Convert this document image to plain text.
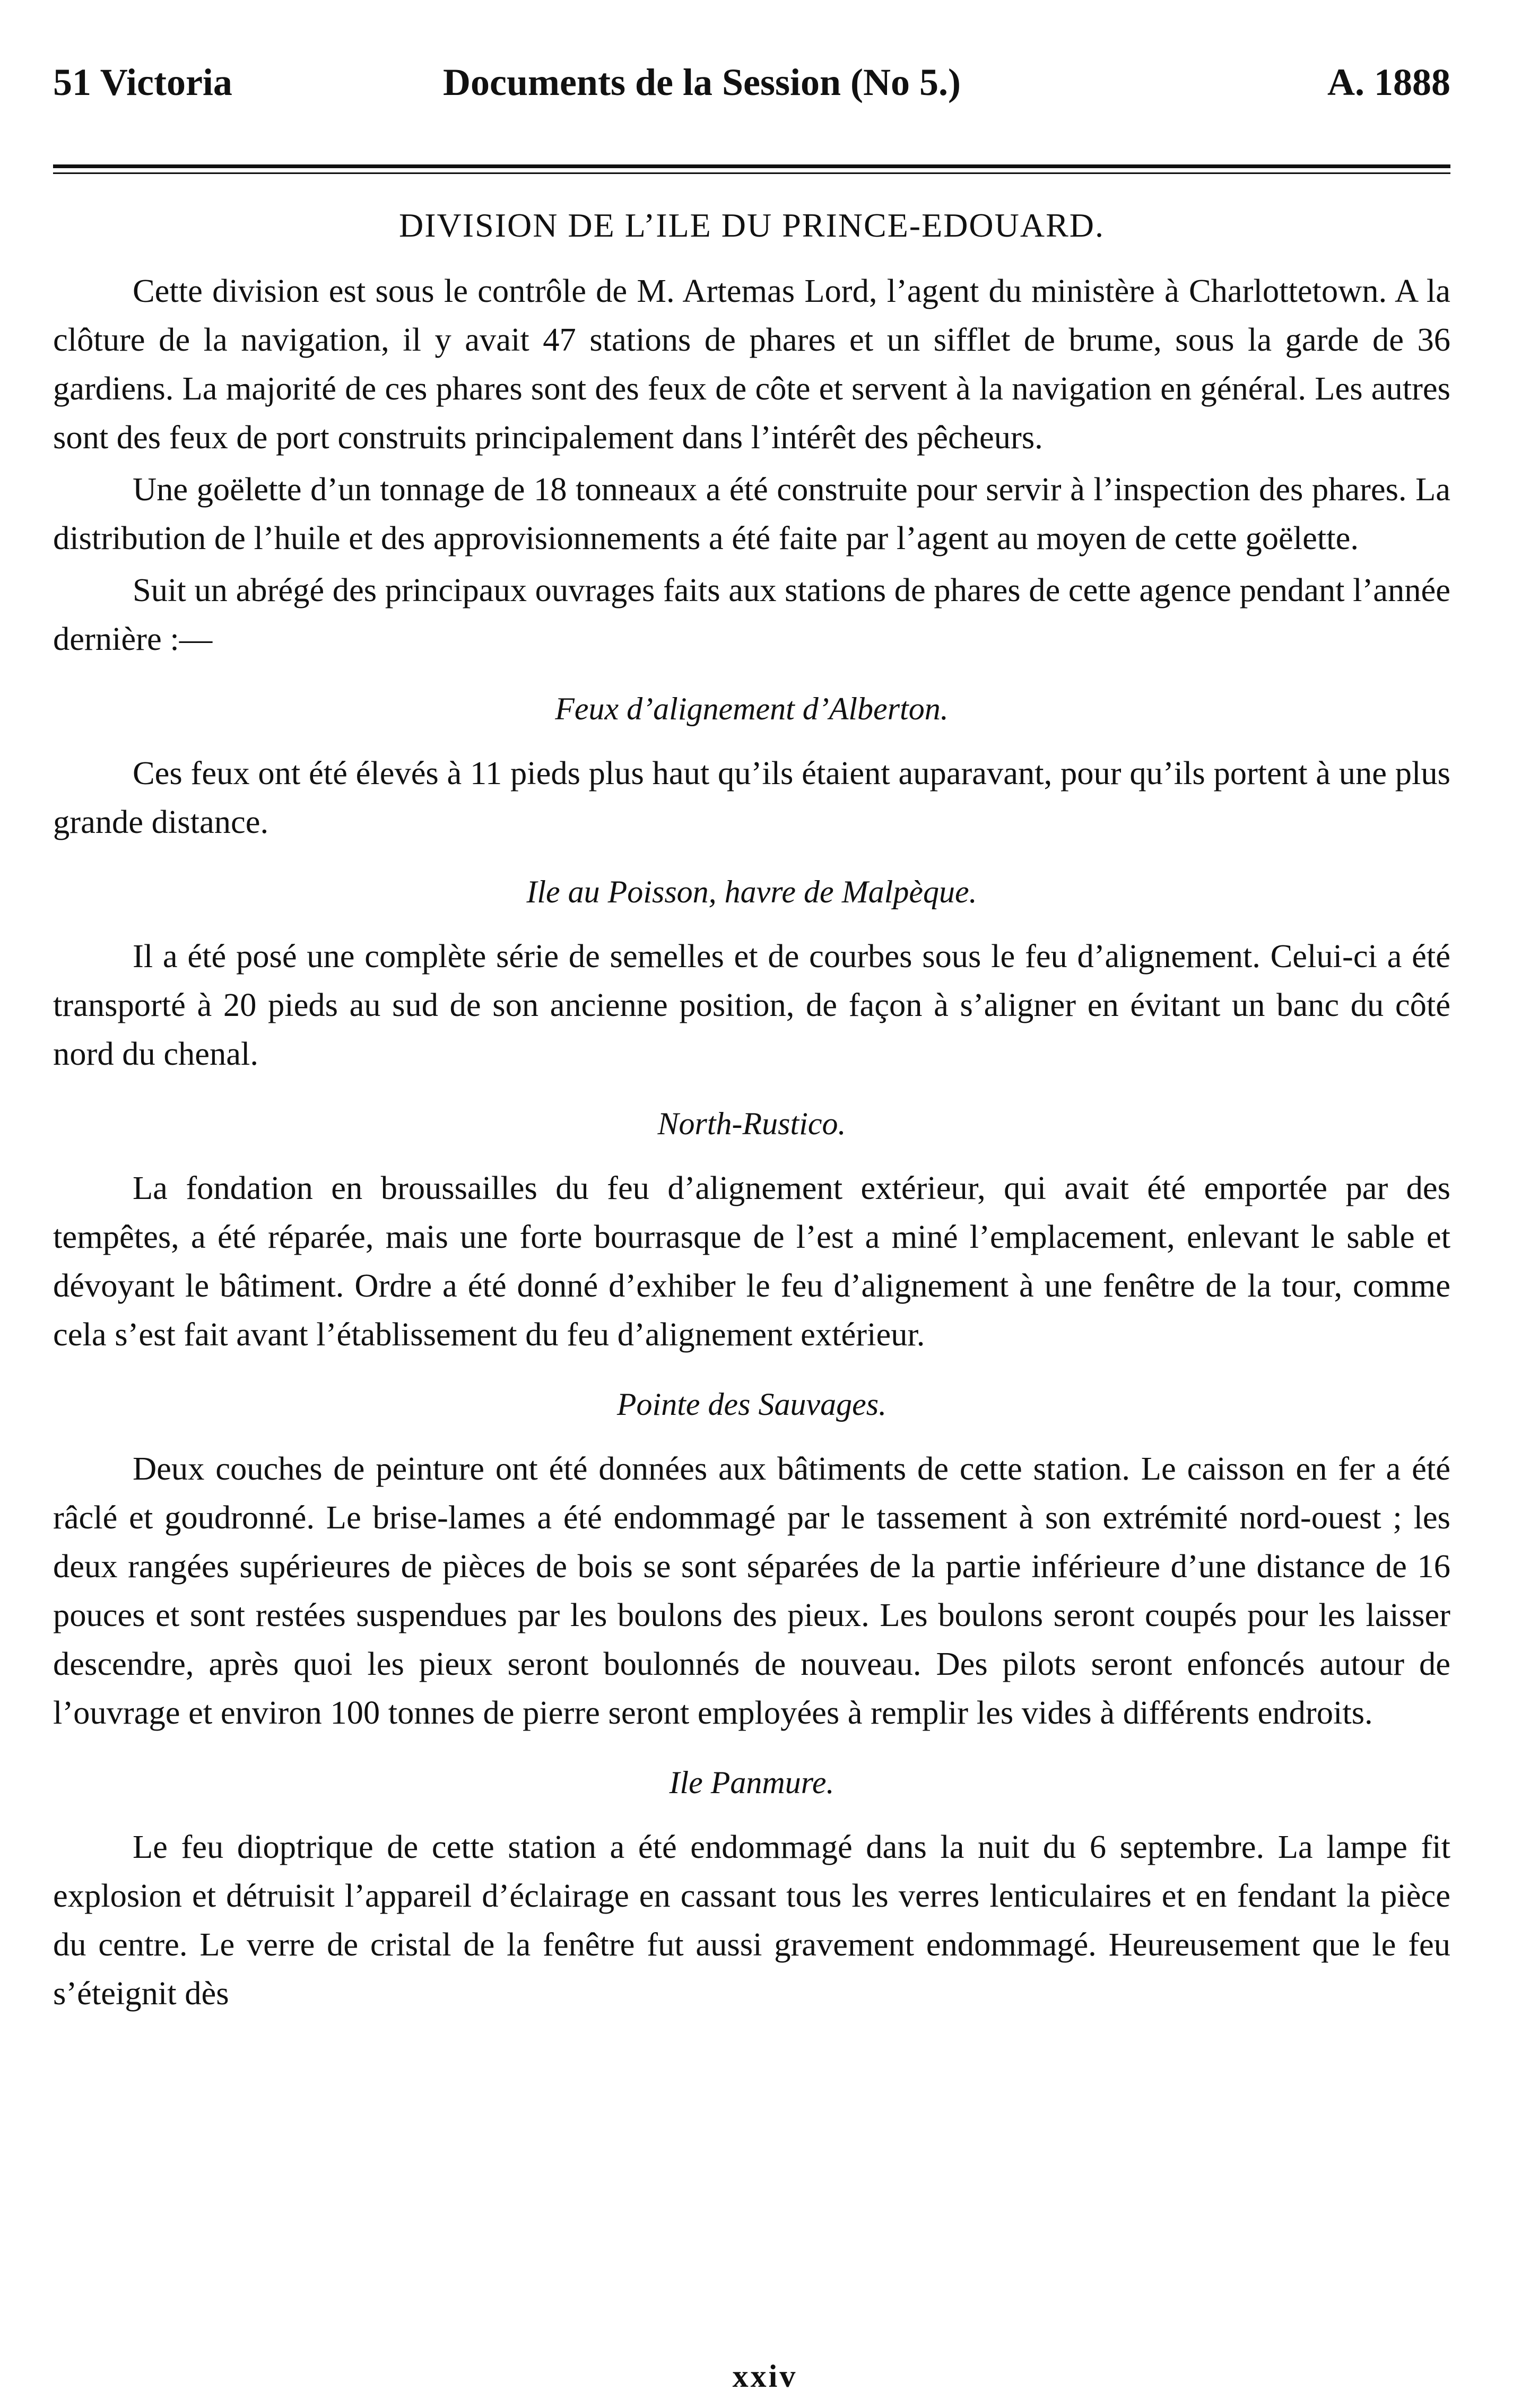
51 Victoria	Documents de la Session (No 5.)	A. 1888
DIVISION DE L’ILE DU PRINCE-EDOUARD.

Cette division est sous le contrôle de M. Artemas Lord, l’agent du ministère à Charlottetown. A la clôture de la navigation, il y avait 47 stations de phares et un sifflet de brume, sous la garde de 36 gardiens. La majorité de ces phares sont des feux de côte et servent à la navigation en général. Les autres sont des feux de port construits principalement dans l’intérêt des pêcheurs.

Une goëlette d’un tonnage de 18 tonneaux a été construite pour servir à l’inspection des phares. La distribution de l’huile et des approvisionnements a été faite par l’agent au moyen de cette goëlette.

Suit un abrégé des principaux ouvrages faits aux stations de phares de cette agence pendant l’année dernière :—

Feux d’alignement d’Alberton.

Ces feux ont été élevés à 11 pieds plus haut qu’ils étaient auparavant, pour qu’ils portent à une plus grande distance.

Ile au Poisson, havre de Malpèque.

Il a été posé une complète série de semelles et de courbes sous le feu d’alignement. Celui-ci a été transporté à 20 pieds au sud de son ancienne position, de façon à s’aligner en évitant un banc du côté nord du chenal.

North-Rustico.

La fondation en broussailles du feu d’alignement extérieur, qui avait été emportée par des tempêtes, a été réparée, mais une forte bourrasque de l’est a miné l’emplacement, enlevant le sable et dévoyant le bâtiment. Ordre a été donné d’exhiber le feu d’alignement à une fenêtre de la tour, comme cela s’est fait avant l’établissement du feu d’alignement extérieur.

Pointe des Sauvages.

Deux couches de peinture ont été données aux bâtiments de cette station. Le caisson en fer a été râclé et goudronné. Le brise-lames a été endommagé par le tassement à son extrémité nord-ouest ; les deux rangées supérieures de pièces de bois se sont séparées de la partie inférieure d’une distance de 16 pouces et sont restées suspendues par les boulons des pieux. Les boulons seront coupés pour les laisser descendre, après quoi les pieux seront boulonnés de nouveau. Des pilots seront enfoncés autour de l’ouvrage et environ 100 tonnes de pierre seront employées à remplir les vides à différents endroits.

Ile Panmure.

Le feu dioptrique de cette station a été endommagé dans la nuit du 6 septembre. La lampe fit explosion et détruisit l’appareil d’éclairage en cassant tous les verres lenticulaires et en fendant la pièce du centre. Le verre de cristal de la fenêtre fut aussi gravement endommagé. Heureusement que le feu s’éteignit dès

xxiv
